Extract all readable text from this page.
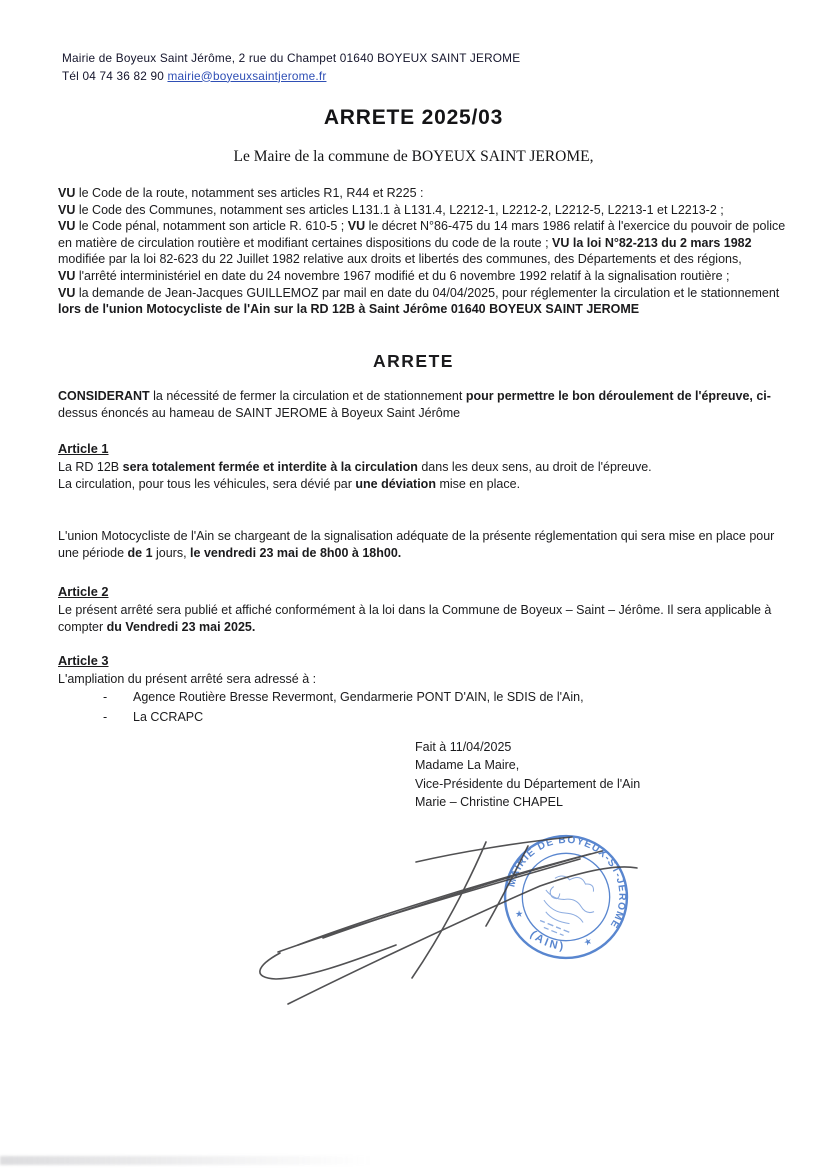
Mairie de Boyeux Saint Jérôme, 2 rue du Champet 01640 BOYEUX SAINT JEROME
Tél 04 74 36 82 90 mairie@boyeuxsaintjerome.fr
ARRETE 2025/03
Le Maire de la commune de BOYEUX SAINT JEROME,

VU le Code de la route, notamment ses articles R1, R44 et R225 :

VU le Code des Communes, notamment ses articles L131.1 à L131.4, L2212-1, L2212-2, L2212-5, L2213-1 et L2213-2 ;

VU le Code pénal, notamment son article R. 610-5 ; VU le décret N°86-475 du 14 mars 1986 relatif à l'exercice du pouvoir de police en matière de circulation routière et modifiant certaines dispositions du code de la route ; VU la loi N°82-213 du 2 mars 1982 modifiée par la loi 82-623 du 22 Juillet 1982 relative aux droits et libertés des communes, des Départements et des régions,

VU l'arrêté interministériel en date du 24 novembre 1967 modifié et du 6 novembre 1992 relatif à la signalisation routière ;

VU la demande de Jean-Jacques GUILLEMOZ par mail en date du 04/04/2025, pour réglementer la circulation et le stationnement lors de l'union Motocycliste de l'Ain sur la RD 12B à Saint Jérôme 01640 BOYEUX SAINT JEROME

ARRETE

CONSIDERANT la nécessité de fermer la circulation et de stationnement pour permettre le bon déroulement de l'épreuve, ci-dessus énoncés au hameau de SAINT JEROME à Boyeux Saint Jérôme

Article 1

La RD 12B sera totalement fermée et interdite à la circulation dans les deux sens, au droit de l'épreuve.

La circulation, pour tous les véhicules, sera dévié par une déviation mise en place.

L'union Motocycliste de l'Ain se chargeant de la signalisation adéquate de la présente réglementation qui sera mise en place pour une période de 1 jours, le vendredi 23 mai de 8h00 à 18h00.

Article 2

Le présent arrêté sera publié et affiché conformément à la loi dans la Commune de Boyeux – Saint – Jérôme. Il sera applicable à compter du Vendredi 23 mai 2025.

Article 3

L'ampliation du présent arrêté sera adressé à :

-	Agence Routière Bresse Revermont, Gendarmerie PONT D'AIN, le SDIS de l'Ain,
-	La CCRAPC
Fait à 11/04/2025
Madame La Maire,
Vice-Présidente du Département de l'Ain
Marie – Christine CHAPEL
MAIRIE DE BOYEUX-ST-JEROME
(AIN)
★
★
